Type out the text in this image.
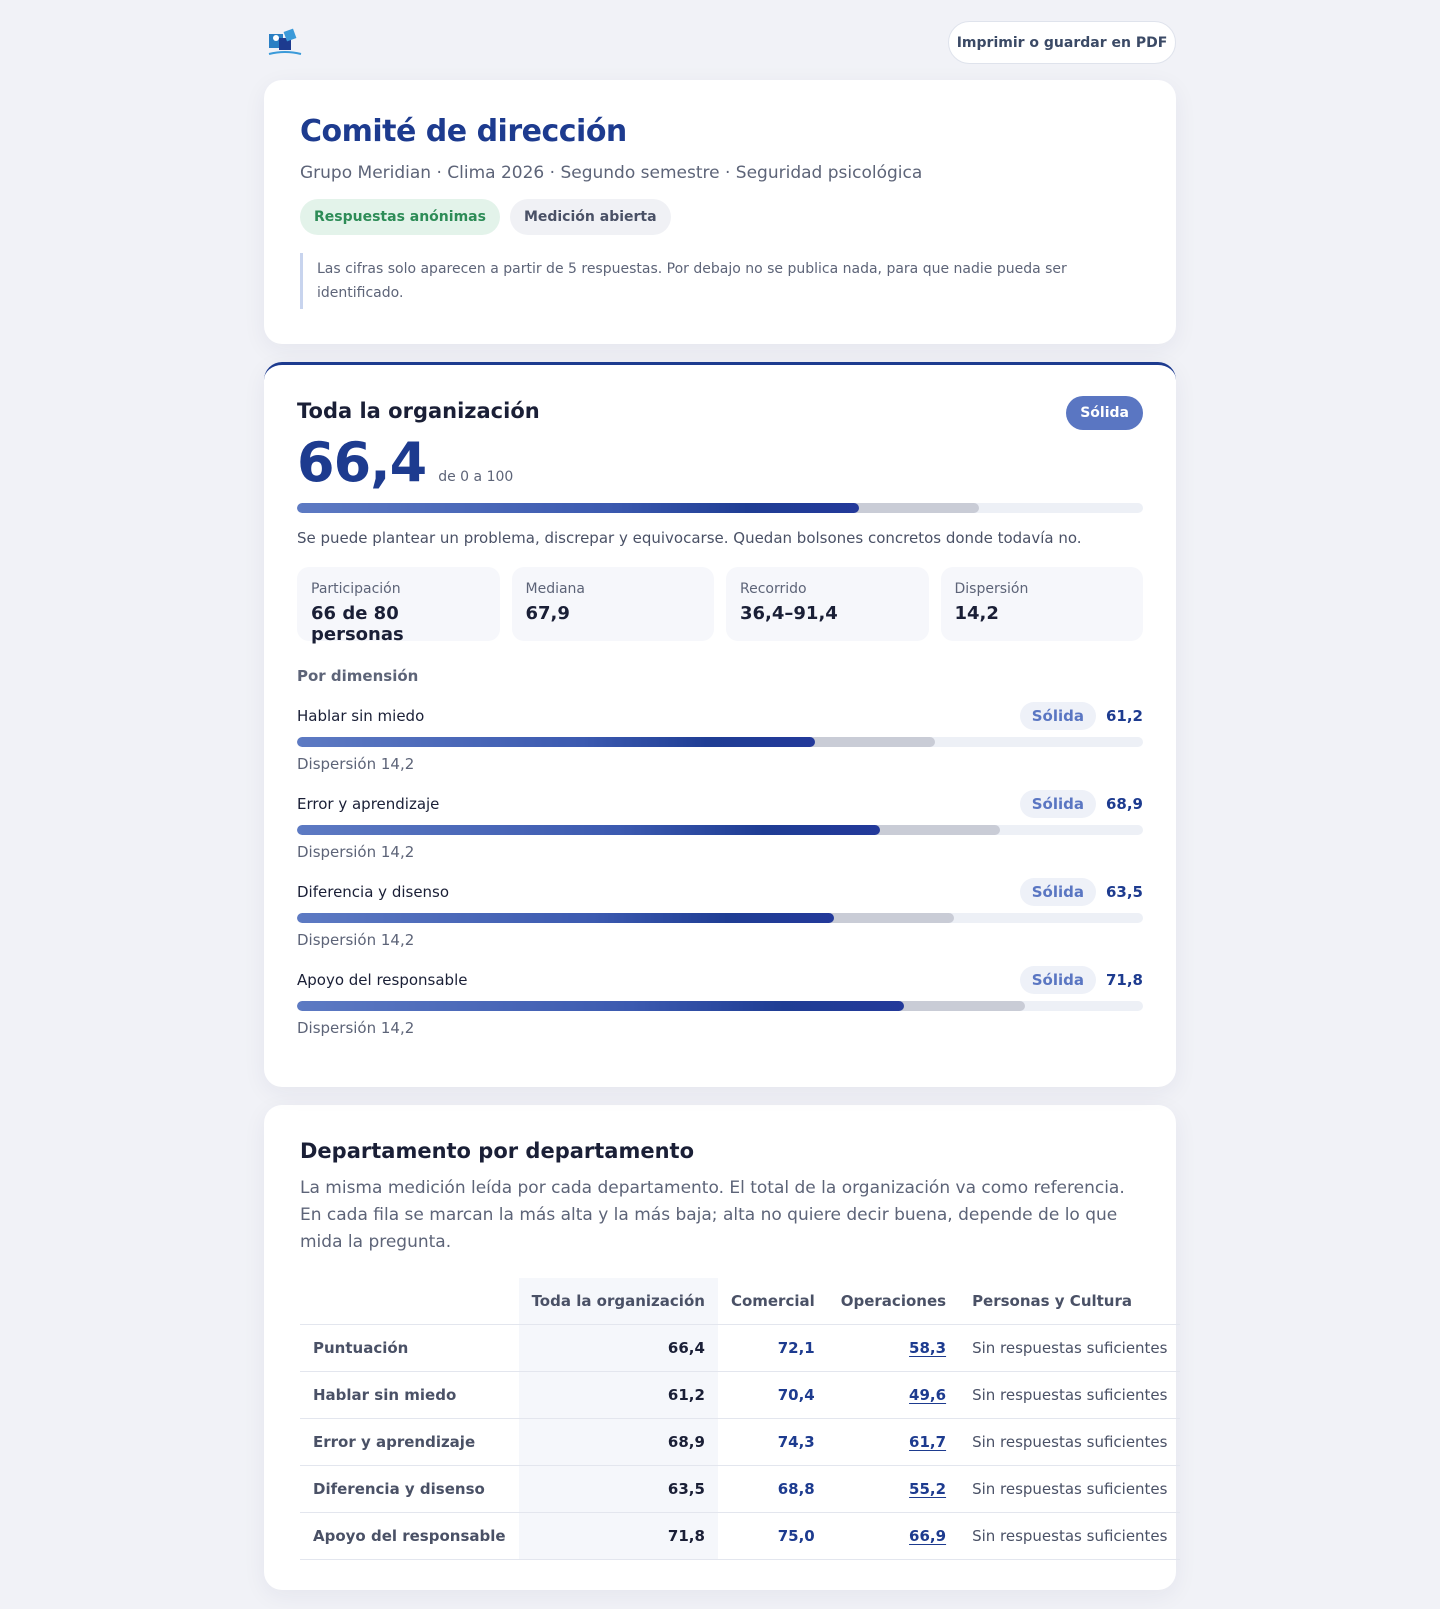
Imprimir o guardar en PDF
Comité de dirección
Grupo Meridian · Clima 2026 · Segundo semestre · Seguridad psicológica
Respuestas anónimas	Medición abierta
Las cifras solo aparecen a partir de 5 respuestas. Por debajo no se publica nada, para que nadie pueda ser identificado.
Toda la organización	Sólida
66,4 de 0 a 100
Se puede plantear un problema, discrepar y equivocarse. Quedan bolsones concretos donde todavía no.
Participación
66 de 80 personas
Mediana
67,9
Recorrido
36,4–91,4
Dispersión
14,2
Por dimensión
Hablar sin miedo	Sólida	61,2
Dispersión 14,2
Error y aprendizaje	Sólida	68,9
Dispersión 14,2
Diferencia y disenso	Sólida	63,5
Dispersión 14,2
Apoyo del responsable	Sólida	71,8
Dispersión 14,2
Departamento por departamento
La misma medición leída por cada departamento. El total de la organización va como referencia. En cada fila se marcan la más alta y la más baja; alta no quiere decir buena, depende de lo que mida la pregunta.
	Toda la organización	Comercial	Operaciones	Personas y Cultura
Puntuación	66,4	72,1	58,3	Sin respuestas suficientes
Hablar sin miedo	61,2	70,4	49,6	Sin respuestas suficientes
Error y aprendizaje	68,9	74,3	61,7	Sin respuestas suficientes
Diferencia y disenso	63,5	68,8	55,2	Sin respuestas suficientes
Apoyo del responsable	71,8	75,0	66,9	Sin respuestas suficientes
